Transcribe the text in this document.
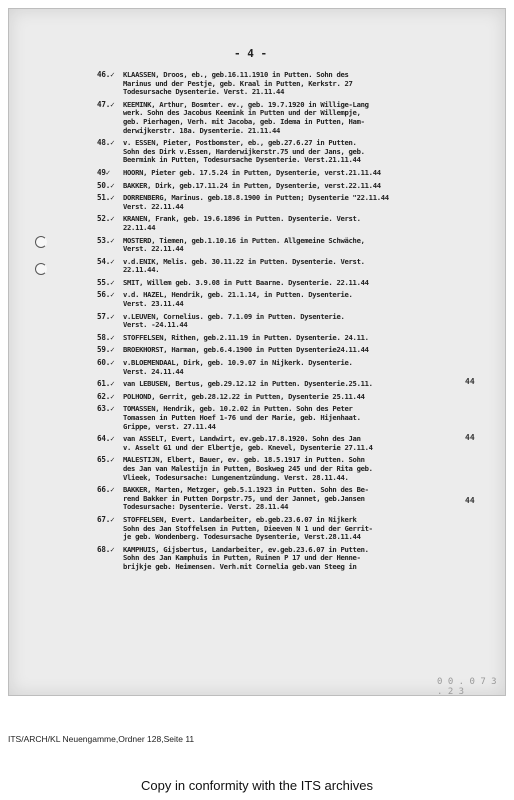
- 4 -
44
44
44
46.✓	KLAASSEN, Droos, eb., geb.16.11.1910 in Putten. Sohn des
Marinus und der Pestje, geb. Kraal in Putten, Kerkstr. 27
Todesursache Dysenterie. Verst. 21.11.44
47.✓	KEEMINK, Arthur, Bosmter. ev., geb. 19.7.1920 in Willige-Lang
werk. Sohn des Jacobus Keemink in Putten und der Willempje,
geb. Pierhagen, Verh. mit Jacoba, geb. Idema in Putten, Ham-
derwijkerstr. 18a. Dysenterie. 21.11.44
48.✓	v. ESSEN, Pieter, Postbomster, eb., geb.27.6.27 in Putten.
Sohn des Dirk v.Essen, Harderwijkerstr.75 und der Jans, geb.
Beermink in Putten, Todesursache Dysenterie. Verst.21.11.44
49✓	HOORN, Pieter geb. 17.5.24 in Putten, Dysenterie, verst.21.11.44
50.✓	BAKKER, Dirk, geb.17.11.24 in Putten, Dysenterie, verst.22.11.44
51.✓	DORRENBERG, Marinus. geb.18.8.1900 in Putten; Dysenterie "22.11.44
Verst. 22.11.44
52.✓	KRANEN, Frank, geb. 19.6.1896 in Putten. Dysenterie. Verst.
22.11.44
53.✓	MOSTERD, Tiemen, geb.1.10.16 in Putten. Allgemeine Schwäche,
Verst. 22.11.44
54.✓	v.d.ENIK, Melis. geb. 30.11.22 in Putten. Dysenterie. Verst.
22.11.44.
55.✓	SMIT, Willem geb. 3.9.08 in Putt Baarne. Dysenterie. 22.11.44
56.✓	v.d. HAZEL, Hendrik, geb. 21.1.14, in Putten. Dysenterie.
Verst. 23.11.44
57.✓	v.LEUVEN, Cornelius. geb. 7.1.09 in Putten. Dysenterie.
Verst. -24.11.44
58.✓	STOFFELSEN, Rithen, geb.2.11.19 in Putten. Dysenterie. 24.11.
59.✓	BROEKHORST, Harman, geb.6.4.1900 in Putten Dysenterie24.11.44
60.✓	v.BLOEMENDAAL, Dirk, geb. 10.9.07 in Nijkerk. Dysenterie.
Verst. 24.11.44
61.✓	van LEBUSEN, Bertus, geb.29.12.12 in Putten. Dysenterie.25.11.
62.✓	POLHOND, Gerrit, geb.28.12.22 in Putten, Dysenterie 25.11.44
63.✓	TOMASSEN, Hendrik, geb. 10.2.02 in Putten. Sohn des Peter
Tomassen in Putten Hoef 1-76 und der Marie, geb. Hijenhaat.
Grippe, verst. 27.11.44
64.✓	van ASSELT, Evert, Landwirt, ev.geb.17.8.1920. Sohn des Jan
v. Asselt G1 und der Elbertje, geb. Knevel, Dysenterie 27.11.4
65.✓	MALESTIJN, Elbert, Bauer, ev. geb. 18.5.1917 in Putten. Sohn
des Jan van Malestijn in Putten, Boskweg 245 und der Rita geb.
Vlieek, Todesursache: Lungenentzündung. Verst. 28.11.44.
66.✓	BAKKER, Marten, Metzger, geb.5.1.1923 in Putten. Sohn des Be-
rend Bakker in Putten Dorpstr.75, und der Jannet, geb.Jansen
Todesursache: Dysenterie. Verst. 28.11.44
67.✓	STOFFELSEN, Evert. Landarbeiter, eb.geb.23.6.07 in Nijkerk
Sohn des Jan Stoffelsen in Putten, Dieeven N 1 und der Gerrit-
je geb. Wondenberg. Todesursache Dysenterie, Verst.28.11.44
68.✓	KAMPHUIS, Gijsbertus, Landarbeiter, ev.geb.23.6.07 in Putten.
Sohn des Jan Kamphuis in Putten, Ruinen P 17 und der Henne-
brijkje geb. Heimensen. Verh.mit Cornelia geb.van Steeg in
0 0 . 0 7 3 . 2 3
ITS/ARCH/KL Neuengamme,Ordner 128,Seite 11
Copy in conformity with the ITS archives
